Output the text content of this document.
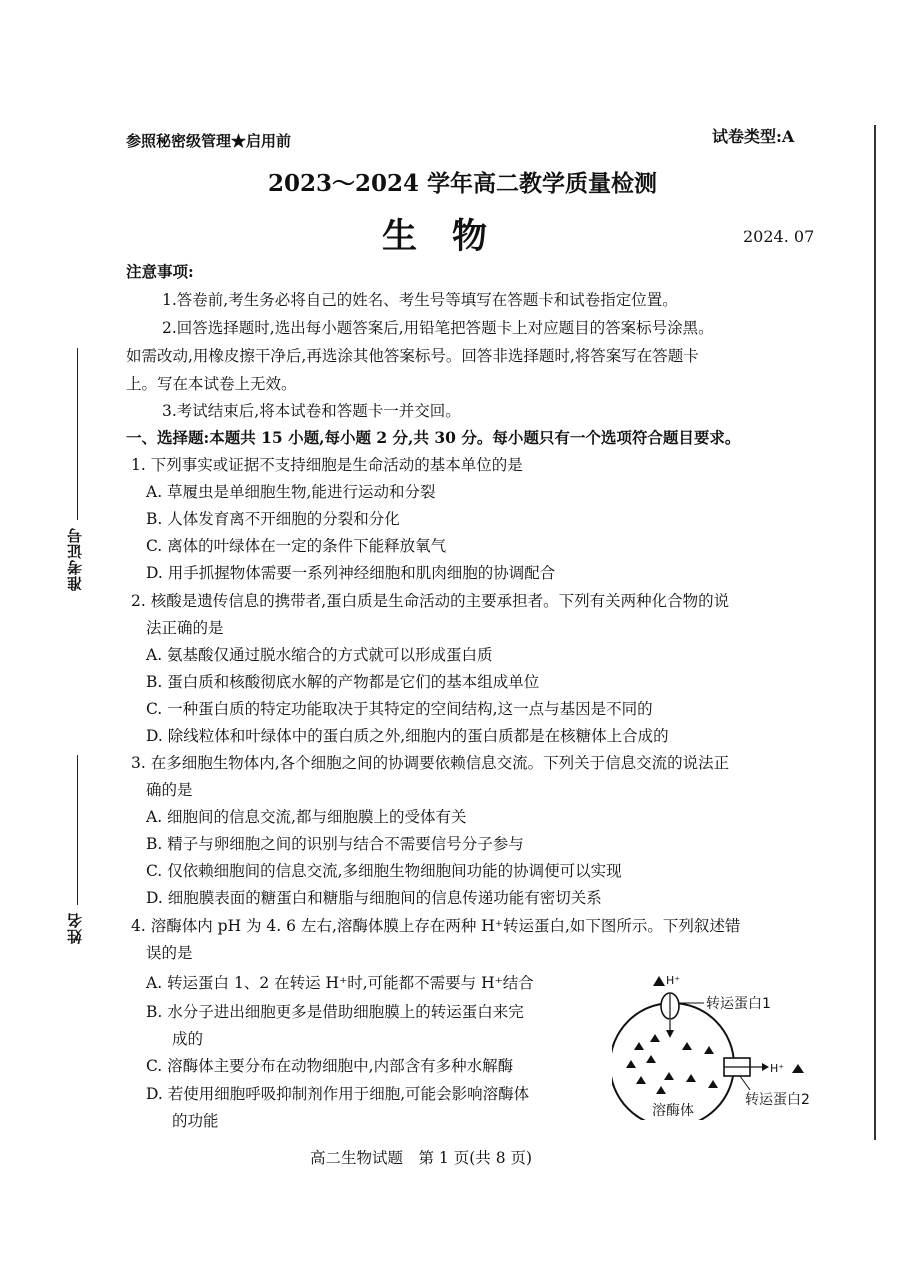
准考证号
姓名
参照秘密级管理★启用前	试卷类型:A
2023～2024 学年高二教学质量检测
生　物	2024. 07
注意事项:
1.答卷前,考生务必将自己的姓名、考生号等填写在答题卡和试卷指定位置。
2.回答选择题时,选出每小题答案后,用铅笔把答题卡上对应题目的答案标号涂黑。
如需改动,用橡皮擦干净后,再选涂其他答案标号。回答非选择题时,将答案写在答题卡
上。写在本试卷上无效。
3.考试结束后,将本试卷和答题卡一并交回。
一、选择题:本题共 15 小题,每小题 2 分,共 30 分。每小题只有一个选项符合题目要求。
1. 下列事实或证据不支持细胞是生命活动的基本单位的是
A. 草履虫是单细胞生物,能进行运动和分裂
B. 人体发育离不开细胞的分裂和分化
C. 离体的叶绿体在一定的条件下能释放氧气
D. 用手抓握物体需要一系列神经细胞和肌肉细胞的协调配合
2. 核酸是遗传信息的携带者,蛋白质是生命活动的主要承担者。下列有关两种化合物的说
法正确的是
A. 氨基酸仅通过脱水缩合的方式就可以形成蛋白质
B. 蛋白质和核酸彻底水解的产物都是它们的基本组成单位
C. 一种蛋白质的特定功能取决于其特定的空间结构,这一点与基因是不同的
D. 除线粒体和叶绿体中的蛋白质之外,细胞内的蛋白质都是在核糖体上合成的
3. 在多细胞生物体内,各个细胞之间的协调要依赖信息交流。下列关于信息交流的说法正
确的是
A. 细胞间的信息交流,都与细胞膜上的受体有关
B. 精子与卵细胞之间的识别与结合不需要信号分子参与
C. 仅依赖细胞间的信息交流,多细胞生物细胞间功能的协调便可以实现
D. 细胞膜表面的糖蛋白和糖脂与细胞间的信息传递功能有密切关系
4. 溶酶体内 pH 为 4. 6 左右,溶酶体膜上存在两种 H⁺转运蛋白,如下图所示。下列叙述错
误的是
A. 转运蛋白 1、2 在转运 H⁺时,可能都不需要与 H⁺结合
B. 水分子进出细胞更多是借助细胞膜上的转运蛋白来完
成的
C. 溶酶体主要分布在动物细胞中,内部含有多种水解酶
D. 若使用细胞呼吸抑制剂作用于细胞,可能会影响溶酶体
的功能
H⁺
转运蛋白1
H⁺
转运蛋白2
溶酶体
高二生物试题　第 1 页(共 8 页)
